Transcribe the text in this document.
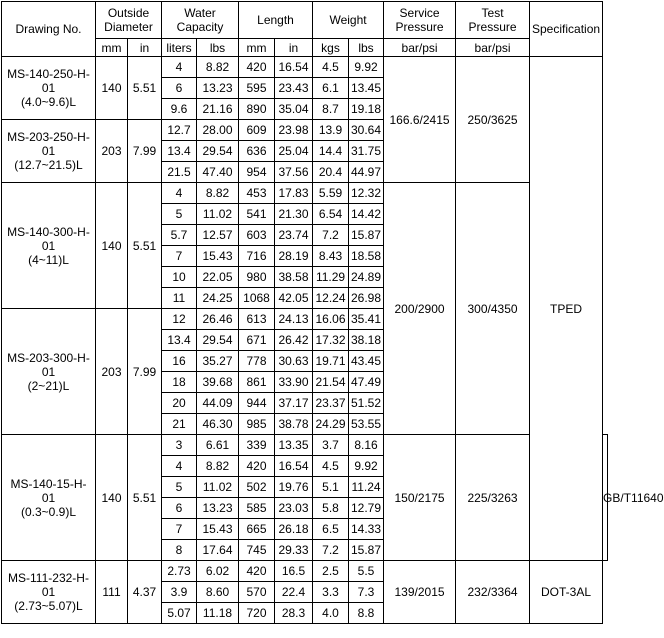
Drawing No.	Outside Diameter		Water Capacity		Length		Weight		Service Pressure	Test Pressure	Specification	
	mm	in	liters	lbs	mm	in	kgs	lbs	bar/psi	bar/psi		

MS-140-250-H-
01
(4.0~9.6)L	140	5.51	4	8.82	420	16.54	4.5	9.92	166.6/2415	250/3625	TPED	
			6	13.23	595	23.43	6.1	13.45				
			9.6	21.16	890	35.04	8.7	19.18				

MS-203-250-H-
01
(12.7~21.5)L	203	7.99	12.7	28.00	609	23.98	13.9	30.64				
			13.4	29.54	636	25.04	14.4	31.75				
			21.5	47.40	954	37.56	20.4	44.97				

MS-140-300-H-
01
(4~11)L	140	5.51	4	8.82	453	17.83	5.59	12.32	200/2900	300/4350		
			5	11.02	541	21.30	6.54	14.42				
			5.7	12.57	603	23.74	7.2	15.87				
			7	15.43	716	28.19	8.43	18.58				
			10	22.05	980	38.58	11.29	24.89				
			11	24.25	1068	42.05	12.24	26.98				

MS-203-300-H-
01
(2~21)L	203	7.99	12	26.46	613	24.13	16.06	35.41				
			13.4	29.54	671	26.42	17.32	38.18				
			16	35.27	778	30.63	19.71	43.45				
			18	39.68	861	33.90	21.54	47.49				
			20	44.09	944	37.17	23.37	51.52				
			21	46.30	985	38.78	24.29	53.55				

MS-140-15-H-
01
(0.3~0.9)L	140	5.51	3	6.61	339	13.35	3.7	8.16	150/2175	225/3263		GB/T11640
			4	8.82	420	16.54	4.5	9.92				
			5	11.02	502	19.76	5.1	11.24				
			6	13.23	585	23.03	5.8	12.79				
			7	15.43	665	26.18	6.5	14.33				
			8	17.64	745	29.33	7.2	15.87				

MS-111-232-H-
01
(2.73~5.07)L	111	4.37	2.73	6.02	420	16.5	2.5	5.5	139/2015	232/3364	DOT-3AL	
			3.9	8.60	570	22.4	3.3	7.3				
			5.07	11.18	720	28.3	4.0	8.8				
